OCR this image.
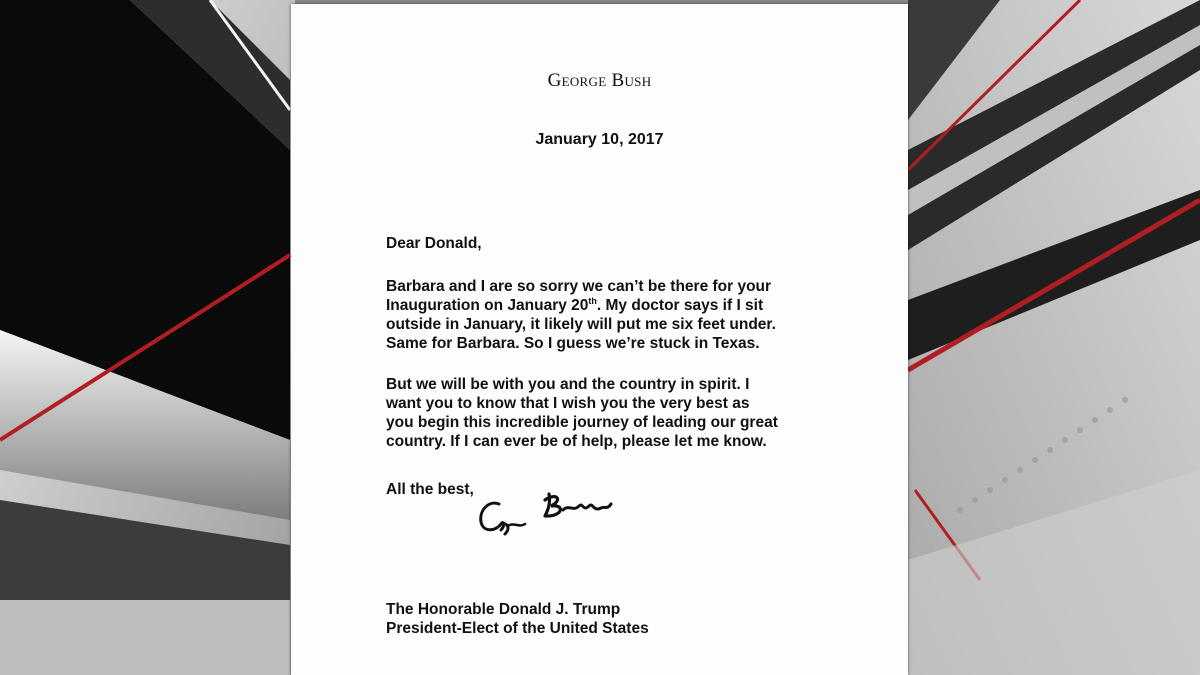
George Bush
January 10, 2017
Dear Donald,
Barbara and I are so sorry we can’t be there for your
Inauguration on January 20th. My doctor says if I sit
outside in January, it likely will put me six feet under.
Same for Barbara. So I guess we’re stuck in Texas.
But we will be with you and the country in spirit. I
want you to know that I wish you the very best as
you begin this incredible journey of leading our great
country. If I can ever be of help, please let me know.
All the best,
The Honorable Donald J. Trump
President-Elect of the United States
